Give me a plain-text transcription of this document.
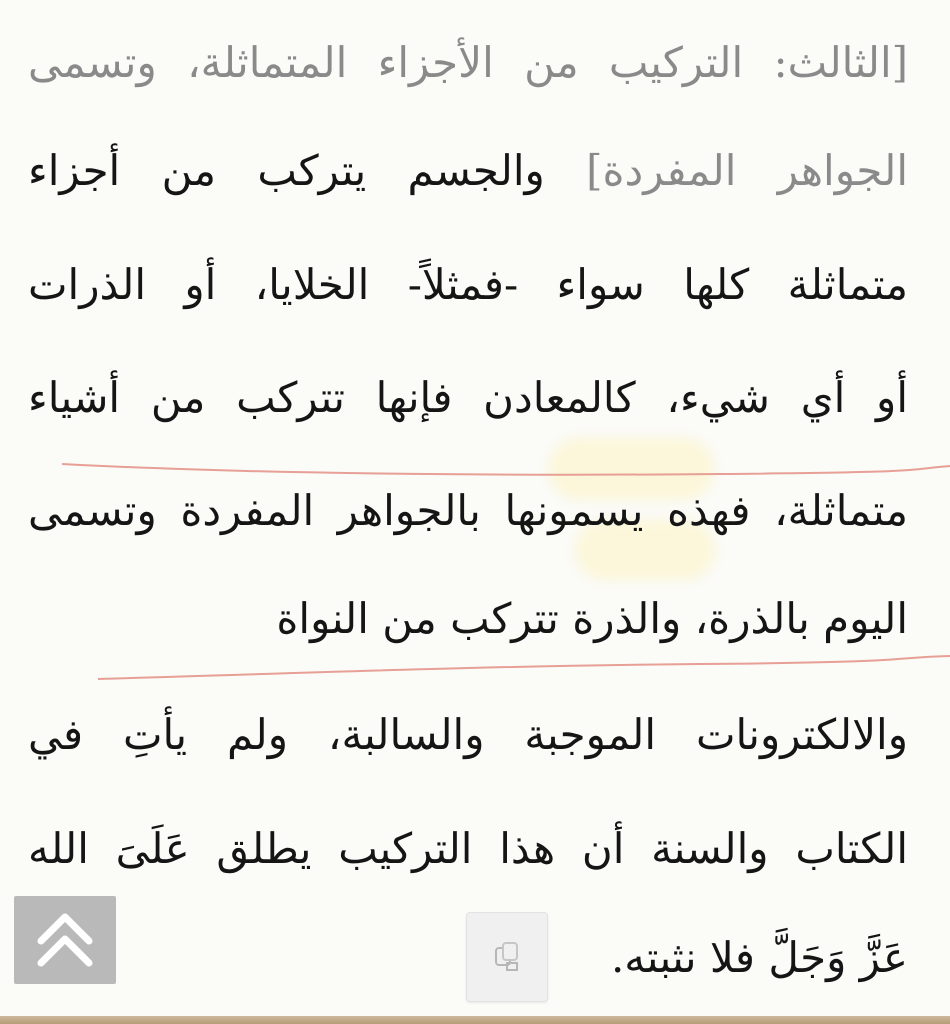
[الثالث: التركيب من الأجزاء المتماثلة، وتسمى
الجواهر المفردة] والجسم يتركب من أجزاء
متماثلة كلها سواء -فمثلاً- الخلايا، أو الذرات
أو أي شيء، كالمعادن فإنها تتركب من أشياء
متماثلة، فهذه يسمونها بالجواهر المفردة وتسمى
اليوم بالذرة، والذرة تتركب من النواة
والالكترونات الموجبة والسالبة، ولم يأتِ في
الكتاب والسنة أن هذا التركيب يطلق عَلَىَ الله
عَزَّ وَجَلَّ فلا نثبته.
